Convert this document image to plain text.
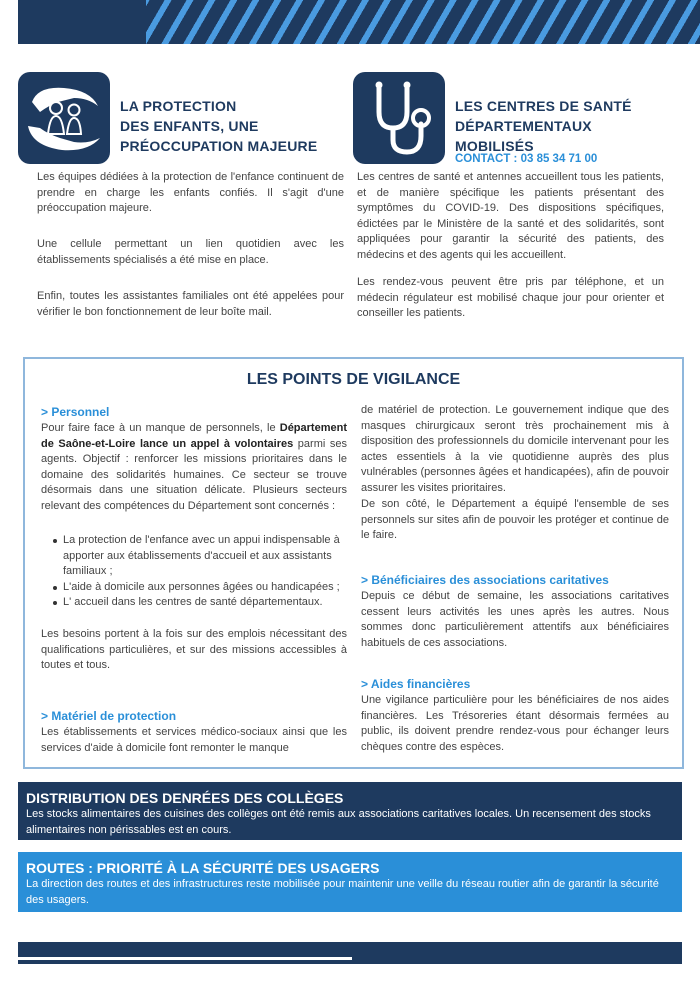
LA PROTECTION
DES ENFANTS, UNE
PRÉOCCUPATION MAJEURE

Les équipes dédiées à la protection de l'enfance continuent de prendre en charge les enfants confiés. Il s'agit d'une préoccupation majeure.

Une cellule permettant un lien quotidien avec les établissements spécialisés a été mise en place.

Enfin, toutes les assistantes familiales ont été appelées pour vérifier le bon fonctionnement de leur boîte mail.

LES CENTRES DE SANTÉ
DÉPARTEMENTAUX
MOBILISÉS
CONTACT : 03 85 34 71 00

Les centres de santé et antennes accueillent tous les patients, et de manière spécifique les patients présentant des symptômes du COVID-19. Des dispositions spécifiques, édictées par le Ministère de la santé et des solidarités, sont appliquées pour garantir la sécurité des patients, des médecins et des agents qui les accueillent.

Les rendez-vous peuvent être pris par téléphone, et un médecin régulateur est mobilisé chaque jour pour orienter et conseiller les patients.

LES POINTS DE VIGILANCE
> Personnel

Pour faire face à un manque de personnels, le Département de Saône-et-Loire lance un appel à volontaires parmi ses agents. Objectif : renforcer les missions prioritaires dans le domaine des solidarités humaines. Ce secteur se trouve désormais dans une situation délicate. Plusieurs secteurs relevant des compétences du Département sont concernés :

La protection de l'enfance avec un appui indispensable à apporter aux établissements d'accueil et aux assistants familiaux ;
L'aide à domicile aux personnes âgées ou handicapées ;
L' accueil dans les centres de santé départementaux.

Les besoins portent à la fois sur des emplois nécessitant des qualifications particulières, et sur des missions accessibles à toutes et tous.

> Matériel de protection

Les établissements et services médico-sociaux ainsi que les services d'aide à domicile font remonter le manque

de matériel de protection. Le gouvernement indique que des masques chirurgicaux seront très prochainement mis à disposition des professionnels du domicile intervenant pour les actes essentiels à la vie quotidienne auprès des plus vulnérables (personnes âgées et handicapées), afin de pouvoir assurer les visites prioritaires.

De son côté, le Département a équipé l'ensemble de ses personnels sur sites afin de pouvoir les protéger et continue de le faire.

> Bénéficiaires des associations caritatives

Depuis ce début de semaine, les associations caritatives cessent leurs activités les unes après les autres. Nous sommes donc particulièrement attentifs aux bénéficiaires habituels de ces associations.

> Aides financières

Une vigilance particulière pour les bénéficiaires de nos aides financières. Les Trésoreries étant désormais fermées au public, ils doivent prendre rendez-vous pour échanger leurs chèques contre des espèces.

DISTRIBUTION DES DENRÉES DES COLLÈGES

Les stocks alimentaires des cuisines des collèges ont été remis aux associations caritatives locales. Un recensement des stocks alimentaires non périssables est en cours.

ROUTES : PRIORITÉ À LA SÉCURITÉ DES USAGERS

La direction des routes et des infrastructures reste mobilisée pour maintenir une veille du réseau routier afin de garantir la sécurité des usagers.
